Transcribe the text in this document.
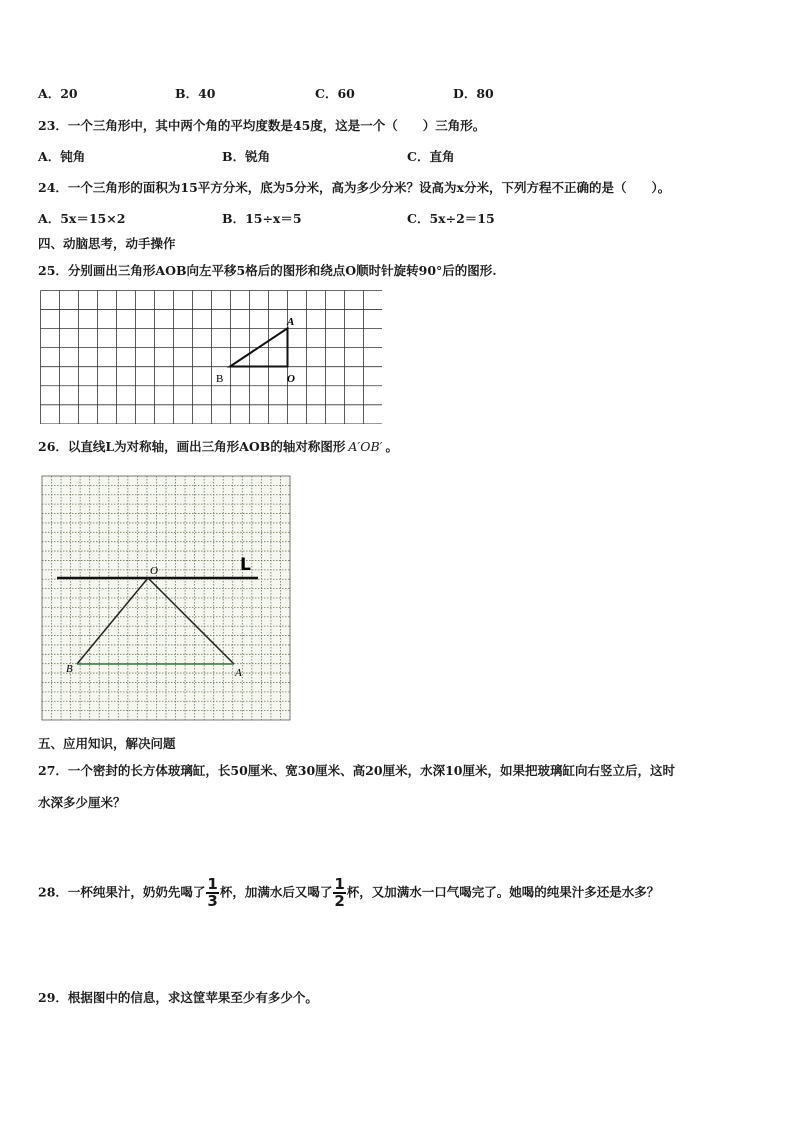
A．20	B．40	C．60	D．80
23．一个三角形中，其中两个角的平均度数是45度，这是一个（　　）三角形。
A．钝角	B．锐角	C．直角
24．一个三角形的面积为15平方分米，底为5分米，高为多少分米？设高为x分米，下列方程不正确的是（　　）。
A．5x＝15×2	B．15÷x＝5	C．5x÷2＝15
四、动脑思考，动手操作
25．分别画出三角形AOB向左平移5格后的图形和绕点O顺时针旋转90°后的图形.
A
B	O
26．以直线L为对称轴，画出三角形AOB的轴对称图形 A′OB′ 。
O	L
B	A
五、应用知识，解决问题
27．一个密封的长方体玻璃缸，长50厘米、宽30厘米、高20厘米，水深10厘米，如果把玻璃缸向右竖立后，这时
水深多少厘米？
28．一杯纯果汁，奶奶先喝了 $\frac{1}{3}$ 杯，加满水后又喝了 $\frac{1}{2}$ 杯，又加满水一口气喝完了。她喝的纯果汁多还是水多？
29．根据图中的信息，求这筐苹果至少有多少个。
